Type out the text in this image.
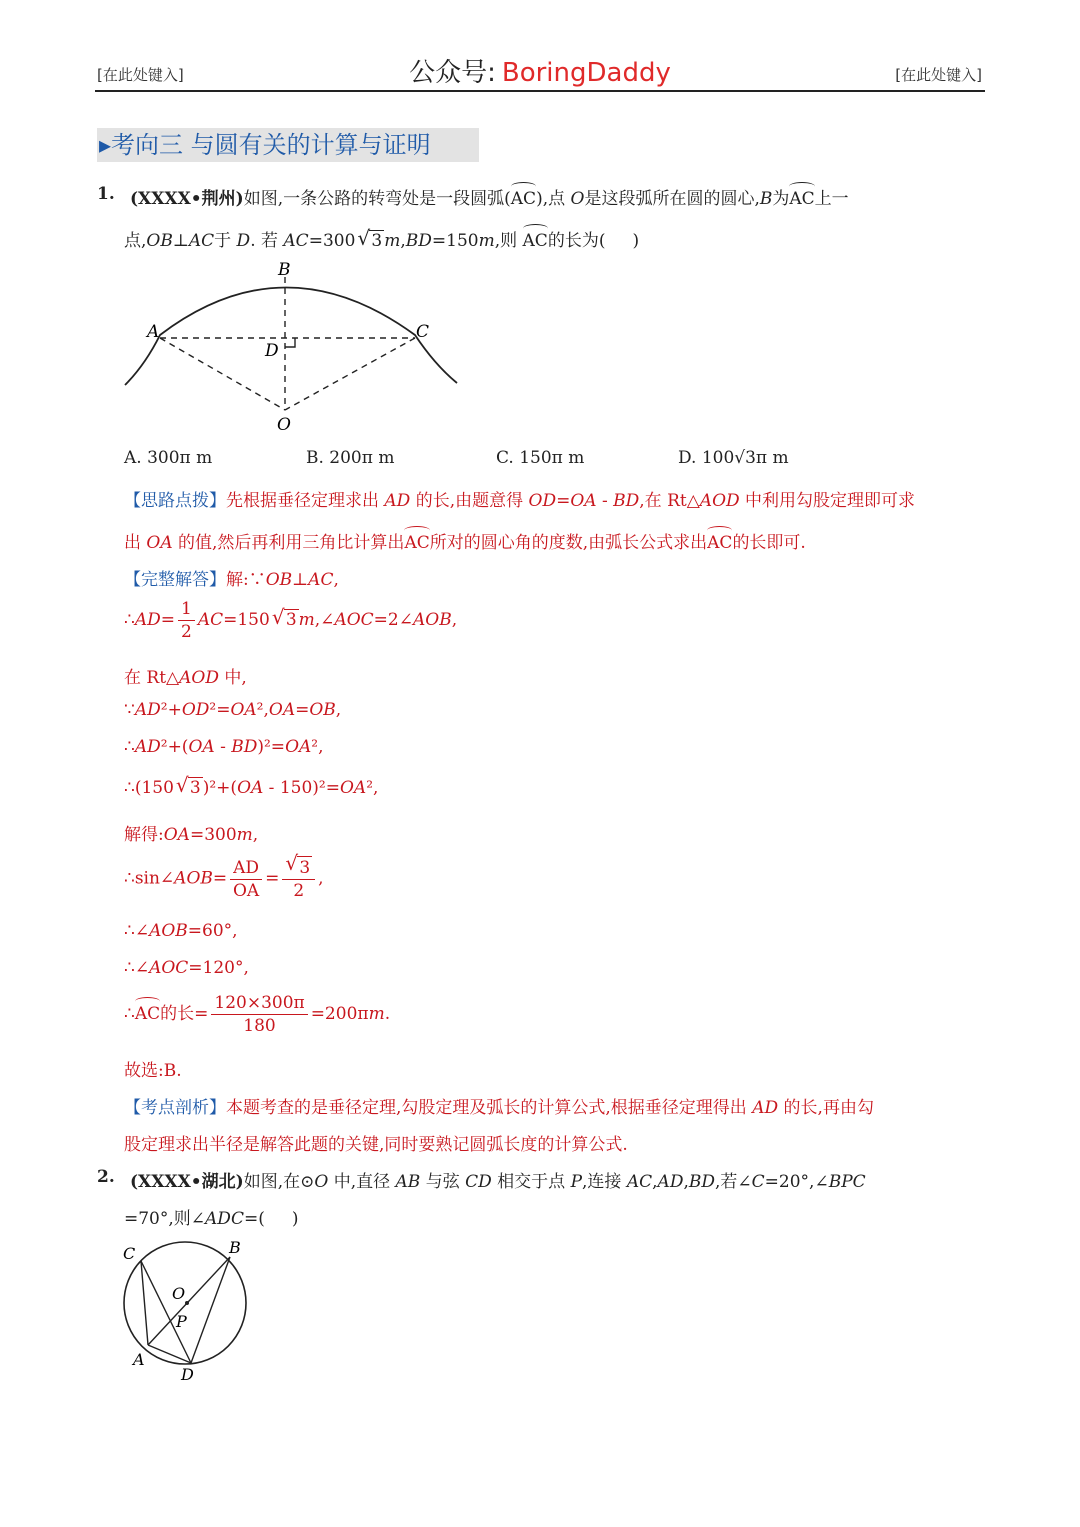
[在此处键入]	公众号: BoringDaddy	[在此处键入]
▸考向三 与圆有关的计算与证明
1. (XXXX•荆州)如图,一条公路的转弯处是一段圆弧(AC),点 O是这段弧所在圆的圆心,B为AC上一
点,OB⊥AC于 D. 若 AC=300√ 3 m,BD=150m,则 AC的长为(     )
B
A	C
D
O
A. 300π m	B. 200π m	C. 150π m	D. 100√3π m
【思路点拨】先根据垂径定理求出 AD 的长,由题意得 OD=OA - BD,在 Rt△AOD 中利用勾股定理即可求
出 OA 的值,然后再利用三角比计算出AC所对的圆心角的度数,由弧长公式求出AC的长即可.
【完整解答】解:∵OB⊥AC,
∴AD= $\frac{1}{2} AC=150√$ 3 m,∠AOC=2∠AOB,
在 Rt△AOD 中,
∵AD²+OD²=OA²,OA=OB,
∴AD²+(OA - BD)²=OA²,
∴(150√ 3 )²+(OA - 150)²=OA²,
解得:OA=300m,
∴sin∠AOB= $\frac{AD}{OA}$ =
√ $\frac{3}{2}$ ,
∴∠AOB=60°,
∴∠AOC=120°,
∴AC的长= $\frac{120\times 300\pi}{180} =200\pi m$.
故选:B.
【考点剖析】本题考查的是垂径定理,勾股定理及弧长的计算公式,根据垂径定理得出 AD 的长,再由勾
股定理求出半径是解答此题的关键,同时要熟记圆弧长度的计算公式.
2. (XXXX•湖北)如图,在⊙O 中,直径 AB 与弦 CD 相交于点 P,连接 AC,AD,BD,若∠C=20°,∠BPC
=70°,则∠ADC=(     )
C	B
O
P
A
D
